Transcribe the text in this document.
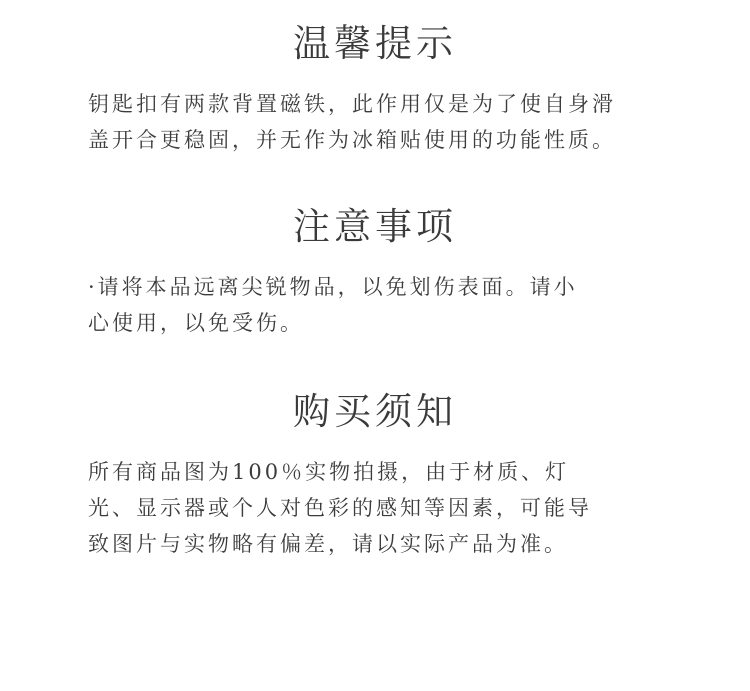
温馨提示

钥匙扣有两款背置磁铁，此作用仅是为了使自身滑
盖开合更稳固，并无作为冰箱贴使用的功能性质。

注意事项

·请将本品远离尖锐物品，以免划伤表面。请小
心使用，以免受伤。

购买须知

所有商品图为100％实物拍摄，由于材质、灯
光、显示器或个人对色彩的感知等因素，可能导
致图片与实物略有偏差，请以实际产品为准。
